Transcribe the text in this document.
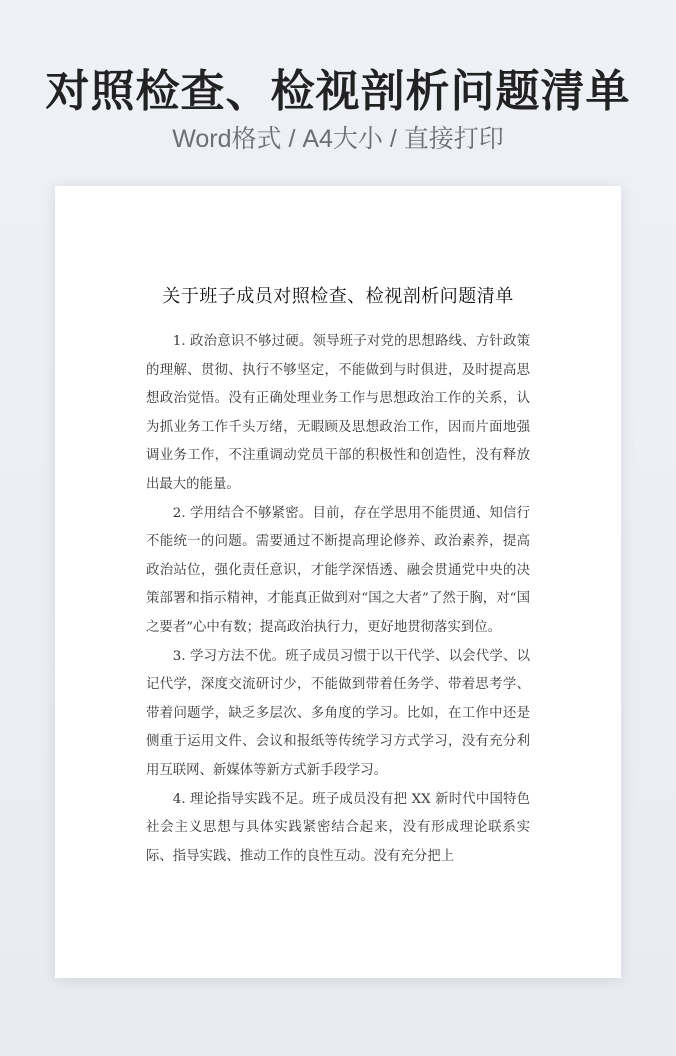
对照检查、检视剖析问题清单
Word格式 / A4大小 / 直接打印
关于班子成员对照检查、检视剖析问题清单

1. 政治意识不够过硬。领导班子对党的思想路线、方针政策的理解、贯彻、执行不够坚定，不能做到与时俱进，及时提高思想政治觉悟。没有正确处理业务工作与思想政治工作的关系，认为抓业务工作千头万绪，无暇顾及思想政治工作，因而片面地强调业务工作，不注重调动党员干部的积极性和创造性，没有释放出最大的能量。

2. 学用结合不够紧密。目前，存在学思用不能贯通、知信行不能统一的问题。需要通过不断提高理论修养、政治素养，提高政治站位，强化责任意识，才能学深悟透、融会贯通党中央的决策部署和指示精神，才能真正做到对“国之大者”了然于胸，对“国之要者”心中有数；提高政治执行力，更好地贯彻落实到位。

3. 学习方法不优。班子成员习惯于以干代学、以会代学、以记代学，深度交流研讨少，不能做到带着任务学、带着思考学、带着问题学，缺乏多层次、多角度的学习。比如，在工作中还是侧重于运用文件、会议和报纸等传统学习方式学习，没有充分利用互联网、新媒体等新方式新手段学习。

4. 理论指导实践不足。班子成员没有把 XX 新时代中国特色社会主义思想与具体实践紧密结合起来，没有形成理论联系实际、指导实践、推动工作的良性互动。没有充分把上
